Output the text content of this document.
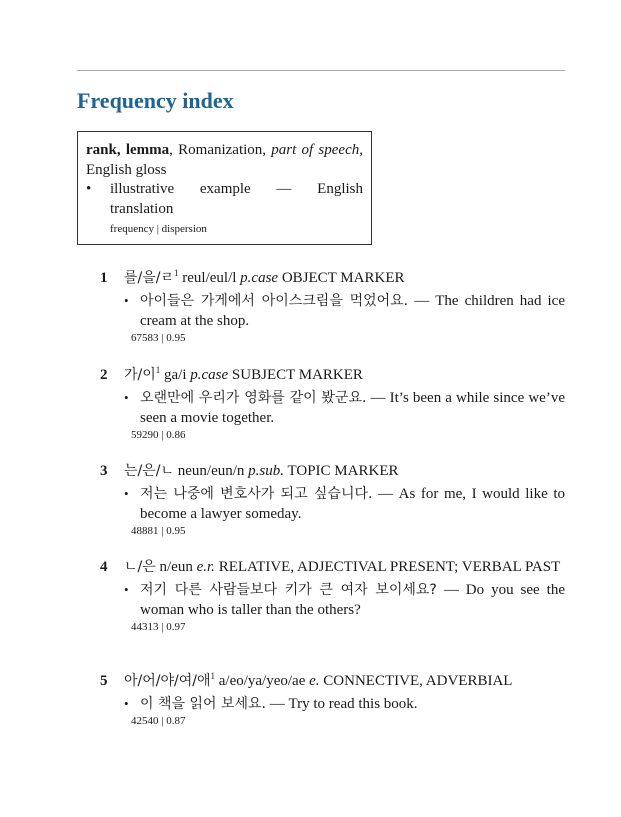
Frequency index
rank, lemma, Romanization, part of speech, English gloss
•	illustrative example — English translation
frequency | dispersion
1 를/을/ㄹ$^1$ reul/eul/l p.case OBJECT MARKER
• 아이들은 가게에서 아이스크림을 먹었어요. — The children had ice cream at the shop.
67583 | 0.95
2 가/이$^1$ ga/i p.case SUBJECT MARKER
• 오랜만에 우리가 영화를 같이 봤군요. — It’s been a while since we’ve seen a movie together.
59290 | 0.86
3 는/은/ㄴ neun/eun/n p.sub. TOPIC MARKER
• 저는 나중에 변호사가 되고 싶습니다. — As for me, I would like to become a lawyer someday.
48881 | 0.95
4 ㄴ/은 n/eun e.r. RELATIVE, ADJECTIVAL PRESENT; VERBAL PAST
• 저기 다른 사람들보다 키가 큰 여자 보이세요? — Do you see the woman who is taller than the others?
44313 | 0.97
5 아/어/야/여/애$^1$ a/eo/ya/yeo/ae e. CONNECTIVE, ADVERBIAL
• 이 책을 읽어 보세요. — Try to read this book.
42540 | 0.87
